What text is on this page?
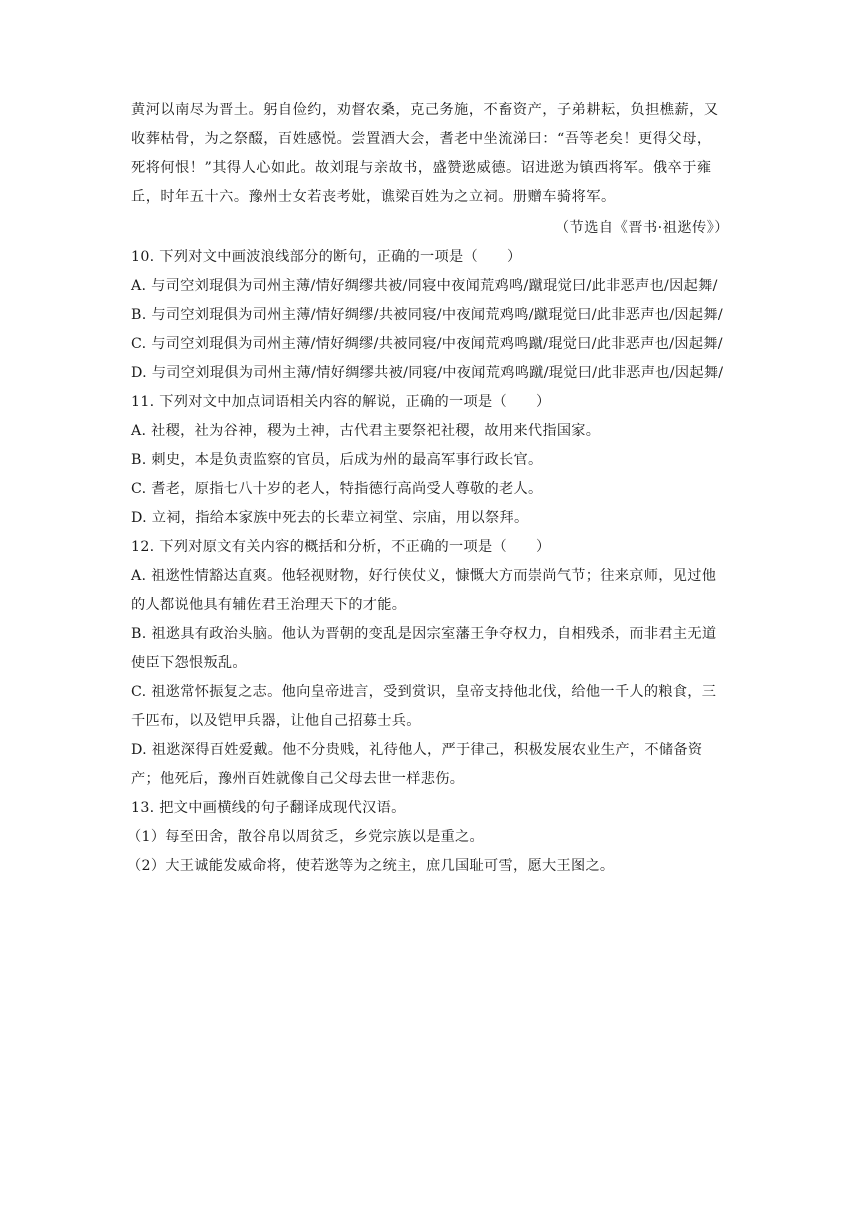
黄河以南尽为晋土。躬自俭约，劝督农桑，克己务施，不畜资产，子弟耕耘，负担樵薪，又

收葬枯骨，为之祭醊，百姓感悦。尝置酒大会，耆老中坐流涕曰：“吾等老矣！更得父母，

死将何恨！”其得人心如此。故刘琨与亲故书，盛赞逖威德。诏进逖为镇西将军。俄卒于雍

丘，时年五十六。豫州士女若丧考妣，谯梁百姓为之立祠。册赠车骑将军。

（节选自《晋书·祖逖传》）

10. 下列对文中画波浪线部分的断句，正确的一项是（　　）

A. 与司空刘琨俱为司州主薄/情好绸缪共被/同寝中夜闻荒鸡鸣/蹴琨觉曰/此非恶声也/因起舞/

B. 与司空刘琨俱为司州主薄/情好绸缪/共被同寝/中夜闻荒鸡鸣/蹴琨觉曰/此非恶声也/因起舞/

C. 与司空刘琨俱为司州主薄/情好绸缪/共被同寝/中夜闻荒鸡鸣蹴/琨觉曰/此非恶声也/因起舞/

D. 与司空刘琨俱为司州主薄/情好绸缪共被/同寝/中夜闻荒鸡鸣蹴/琨觉曰/此非恶声也/因起舞/

11. 下列对文中加点词语相关内容的解说，正确的一项是（　　）

A. 社稷，社为谷神，稷为土神，古代君主要祭祀社稷，故用来代指国家。

B. 刺史，本是负责监察的官员，后成为州的最高军事行政长官。

C. 耆老，原指七八十岁的老人，特指德行高尚受人尊敬的老人。

D. 立祠，指给本家族中死去的长辈立祠堂、宗庙，用以祭拜。

12. 下列对原文有关内容的概括和分析，不正确的一项是（　　）

A. 祖逖性情豁达直爽。他轻视财物，好行侠仗义，慷慨大方而崇尚气节；往来京师，见过他的人都说他具有辅佐君王治理天下的才能。

B. 祖逖具有政治头脑。他认为晋朝的变乱是因宗室藩王争夺权力，自相残杀，而非君主无道使臣下怨恨叛乱。

C. 祖逖常怀振复之志。他向皇帝进言，受到赏识，皇帝支持他北伐，给他一千人的粮食，三千匹布，以及铠甲兵器，让他自己招募士兵。

D. 祖逖深得百姓爱戴。他不分贵贱，礼待他人，严于律己，积极发展农业生产，不储备资产；他死后，豫州百姓就像自己父母去世一样悲伤。

13. 把文中画横线的句子翻译成现代汉语。

（1）每至田舍，散谷帛以周贫乏，乡党宗族以是重之。

（2）大王诚能发威命将，使若逖等为之统主，庶几国耻可雪，愿大王图之。
